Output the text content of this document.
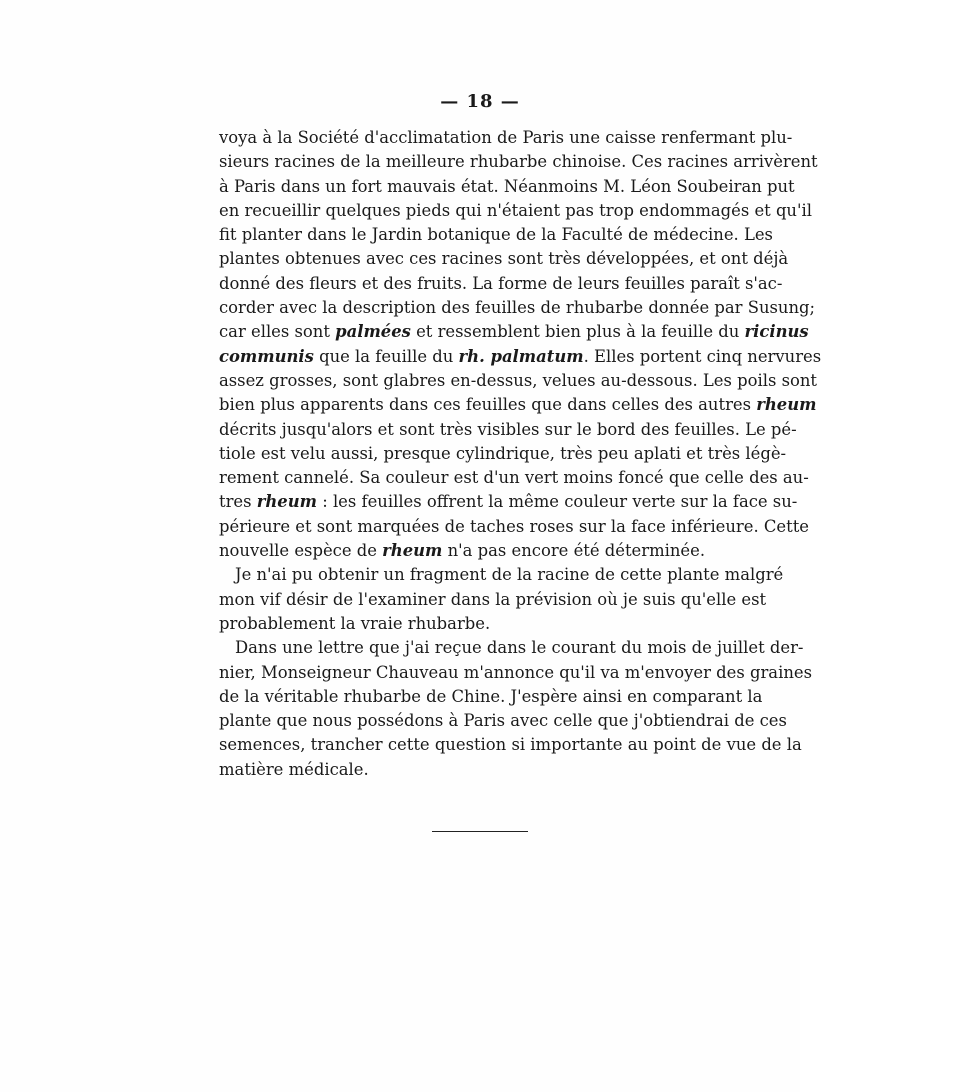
— 18 —
voya à la Société d'acclimatation de Paris une caisse renfermant plu-
sieurs racines de la meilleure rhubarbe chinoise. Ces racines arrivèrent
à Paris dans un fort mauvais état. Néanmoins M. Léon Soubeiran put
en recueillir quelques pieds qui n'étaient pas trop endommagés et qu'il
fit planter dans le Jardin botanique de la Faculté de médecine. Les
plantes obtenues avec ces racines sont très développées, et ont déjà
donné des fleurs et des fruits. La forme de leurs feuilles paraît s'ac-
corder avec la description des feuilles de rhubarbe donnée par Susung;
car elles sont palmées et ressemblent bien plus à la feuille du ricinus
communis que la feuille du rh. palmatum. Elles portent cinq nervures
assez grosses, sont glabres en-dessus, velues au-dessous. Les poils sont
bien plus apparents dans ces feuilles que dans celles des autres rheum
décrits jusqu'alors et sont très visibles sur le bord des feuilles. Le pé-
tiole est velu aussi, presque cylindrique, très peu aplati et très légè-
rement cannelé. Sa couleur est d'un vert moins foncé que celle des au-
tres rheum : les feuilles offrent la même couleur verte sur la face su-
périeure et sont marquées de taches roses sur la face inférieure. Cette
nouvelle espèce de rheum n'a pas encore été déterminée.
Je n'ai pu obtenir un fragment de la racine de cette plante malgré
mon vif désir de l'examiner dans la prévision où je suis qu'elle est
probablement la vraie rhubarbe.
Dans une lettre que j'ai reçue dans le courant du mois de juillet der-
nier, Monseigneur Chauveau m'annonce qu'il va m'envoyer des graines
de la véritable rhubarbe de Chine. J'espère ainsi en comparant la
plante que nous possédons à Paris avec celle que j'obtiendrai de ces
semences, trancher cette question si importante au point de vue de la
matière médicale.
